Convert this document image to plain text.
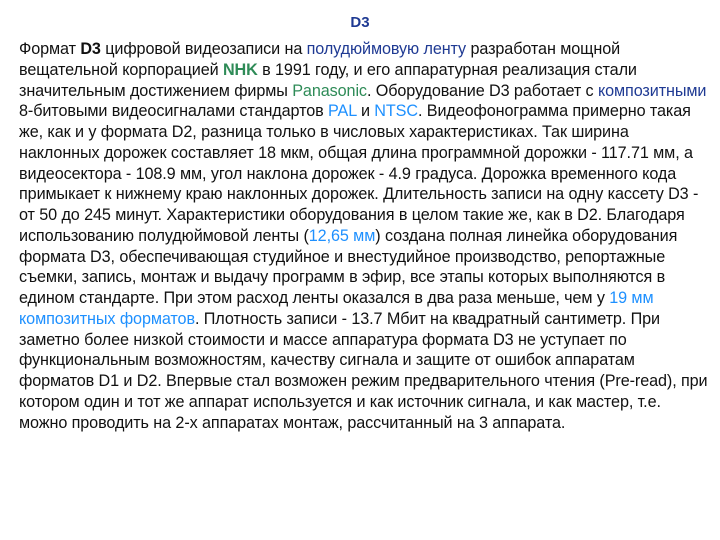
D3
Формат D3 цифровой видеозаписи на полудюймовую ленту разработан мощной вещательной корпорацией NHK в 1991 году, и его аппаратурная реализация стали значительным достижением фирмы Panasonic. Оборудование D3 работает с композитными 8-битовыми видеосигналами стандартов PAL и NTSC. Видеофонограмма примерно такая же, как и у формата D2, разница только в числовых характеристиках. Так ширина наклонных дорожек составляет 18 мкм, общая длина программной дорожки - 117.71 мм, а видеосектора - 108.9 мм, угол наклона дорожек - 4.9 градуса. Дорожка временного кода примыкает к нижнему краю наклонных дорожек. Длительность записи на одну кассету D3 - от 50 до 245 минут. Характеристики оборудования в целом такие же, как в D2. Благодаря использованию полудюймовой ленты (12,65 мм) создана полная линейка оборудования формата D3, обеспечивающая студийное и внестудийное производство, репортажные съемки, запись, монтаж и выдачу программ в эфир, все этапы которых выполняются в едином стандарте. При этом расход ленты оказался в два раза меньше, чем у 19 мм композитных форматов. Плотность записи - 13.7 Мбит на квадратный сантиметр. При заметно более низкой стоимости и массе аппаратура формата D3 не уступает по функциональным возможностям, качеству сигнала и защите от ошибок аппаратам форматов D1 и D2. Впервые стал возможен режим предварительного чтения (Pre-read), при котором один и тот же аппарат используется и как источник сигнала, и как мастер, т.е. можно проводить на 2-х аппаратах монтаж, рассчитанный на 3 аппарата.
